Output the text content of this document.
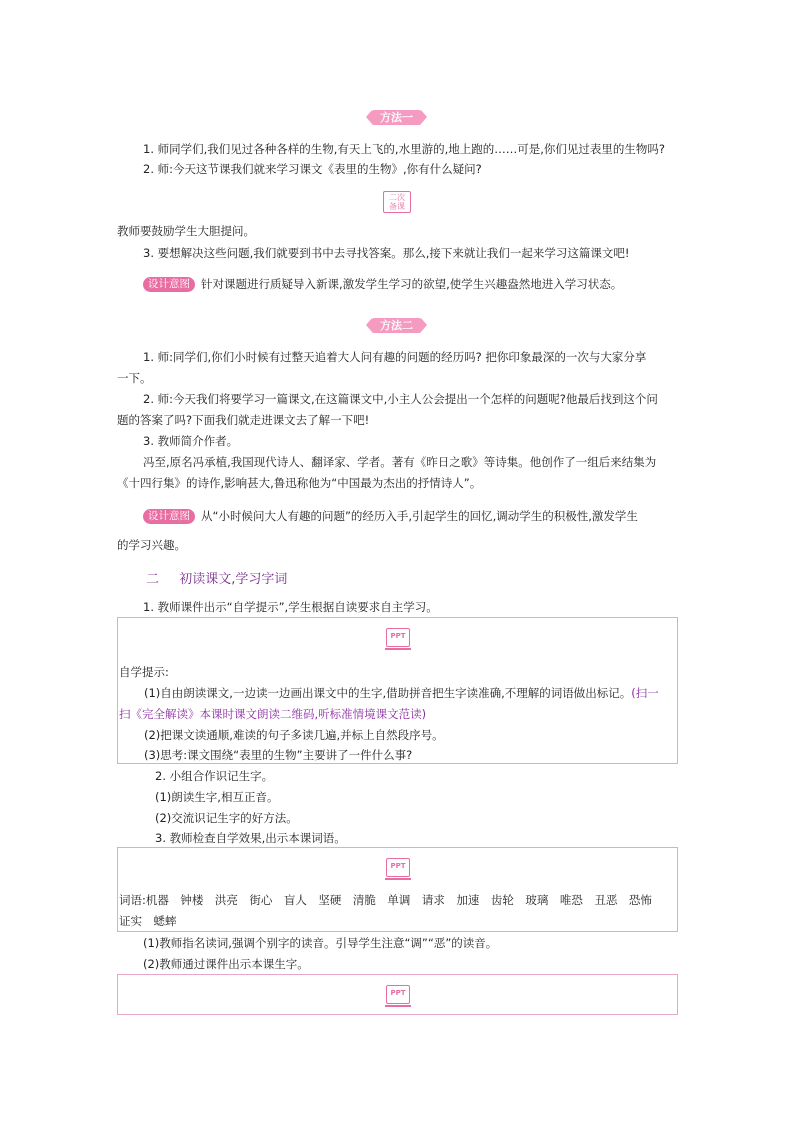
方法一
1. 师同学们,我们见过各种各样的生物,有天上飞的,水里游的,地上跑的……可是,你们见过表里的生物吗?
2. 师:今天这节课我们就来学习课文《表里的生物》,你有什么疑问?
二次备课
教师要鼓励学生大胆提问。
3. 要想解决这些问题,我们就要到书中去寻找答案。那么,接下来就让我们一起来学习这篇课文吧!
设计意图 针对课题进行质疑导入新课,激发学生学习的欲望,使学生兴趣盎然地进入学习状态。
方法二
1. 师:同学们,你们小时候有过整天追着大人问有趣的问题的经历吗? 把你印象最深的一次与大家分享
一下。
2. 师:今天我们将要学习一篇课文,在这篇课文中,小主人公会提出一个怎样的问题呢?他最后找到这个问
题的答案了吗?下面我们就走进课文去了解一下吧!
3. 教师简介作者。
冯至,原名冯承植,我国现代诗人、翻译家、学者。著有《昨日之歌》等诗集。他创作了一组后来结集为
《十四行集》的诗作,影响甚大,鲁迅称他为“中国最为杰出的抒情诗人”。
设计意图 从“小时候问大人有趣的问题”的经历入手,引起学生的回忆,调动学生的积极性,激发学生
的学习兴趣。
二 初读课文,学习字词
1. 教师课件出示“自学提示”,学生根据自读要求自主学习。
PPT
自学提示:
(1)自由朗读课文,一边读一边画出课文中的生字,借助拼音把生字读准确,不理解的词语做出标记。(扫一
扫《完全解读》本课时课文朗读二维码,听标准情境课文范读)
(2)把课文读通顺,难读的句子多读几遍,并标上自然段序号。
(3)思考:课文围绕“表里的生物”主要讲了一件什么事?
2. 小组合作识记生字。
(1)朗读生字,相互正音。
(2)交流识记生字的好方法。
3. 教师检查自学效果,出示本课词语。
PPT
词语:机器　钟楼　洪亮　街心　盲人　坚硬　清脆　单调　请求　加速　齿轮　玻璃　唯恐　丑恶　恐怖
证实　蟋蟀
(1)教师指名读词,强调个别字的读音。引导学生注意“调”“恶”的读音。
(2)教师通过课件出示本课生字。
PPT
